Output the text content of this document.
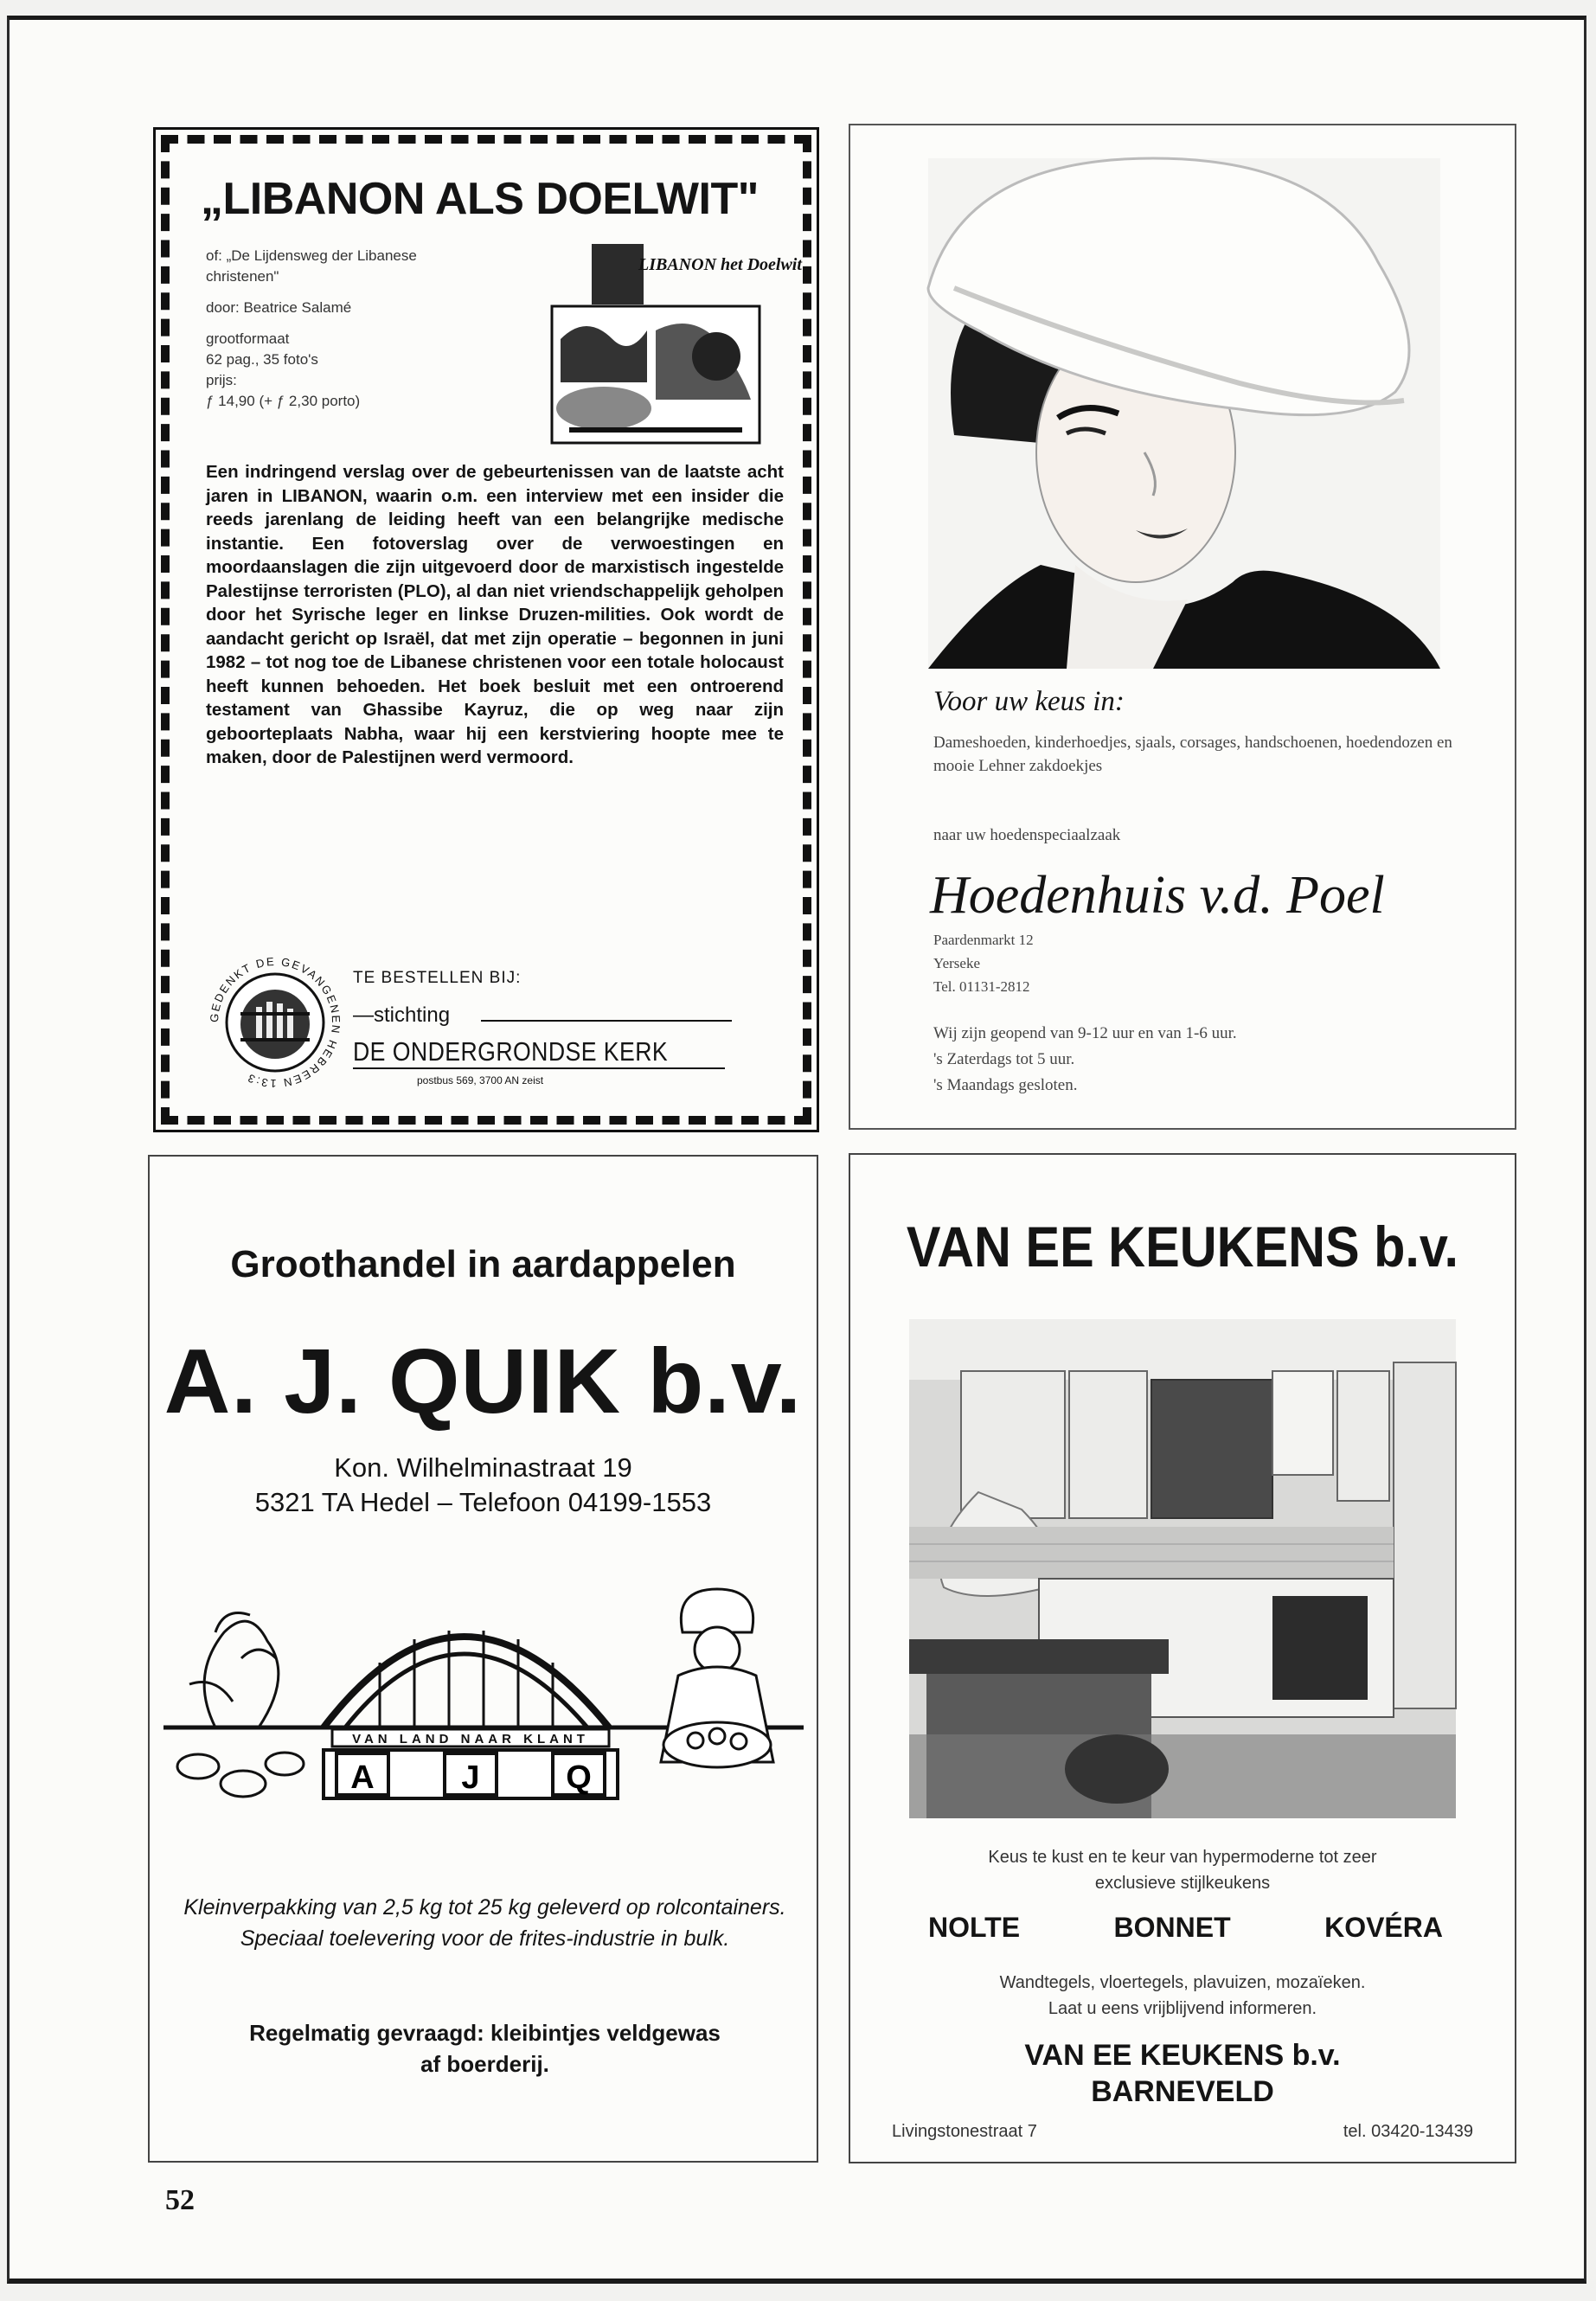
„LIBANON ALS DOELWIT"
of: „De Lijdensweg der Libanese christenen"
door: Beatrice Salamé
grootformaat
62 pag., 35 foto's
prijs:
ƒ 14,90 (+ ƒ 2,30 porto)
LIBANON het Doelwit
Een indringend verslag over de gebeurtenissen van de laatste acht jaren in LIBANON, waarin o.m. een interview met een insider die reeds jarenlang de leiding heeft van een belangrijke medische instantie. Een fotoverslag over de verwoestingen en moordaanslagen die zijn uitgevoerd door de marxistisch ingestelde Palestijnse terroristen (PLO), al dan niet vriendschappelijk geholpen door het Syrische leger en linkse Druzen-milities. Ook wordt de aandacht gericht op Israël, dat met zijn operatie – begonnen in juni 1982 – tot nog toe de Libanese christenen voor een totale holocaust heeft kunnen behoeden. Het boek besluit met een ontroerend testament van Ghassibe Kayruz, die op weg naar zijn geboorteplaats Nabha, waar hij een kerstviering hoopte mee te maken, door de Palestijnen werd vermoord.
GEDENKT DE GEVANGENEN HEBREEN 13:3
TE BESTELLEN BIJ:
—stichting
DE ONDERGRONDSE KERK
postbus 569, 3700 AN zeist
Voor uw keus in:
Dameshoeden, kinderhoedjes, sjaals, corsages, handschoenen, hoedendozen en mooie Lehner zakdoekjes
naar uw hoedenspeciaalzaak
Hoedenhuis v.d. Poel
Paardenmarkt 12
Yerseke
Tel. 01131-2812
Wij zijn geopend van 9-12 uur en van 1-6 uur.
's Zaterdags tot 5 uur.
's Maandags gesloten.
Groothandel in aardappelen
A. J. QUIK b.v.
Kon. Wilhelminastraat 19
5321 TA Hedel – Telefoon 04199-1553
VAN LAND NAAR KLANT
A	J	Q
Kleinverpakking van 2,5 kg tot 25 kg geleverd op rolcontainers.
Speciaal toelevering voor de frites-industrie in bulk.
Regelmatig gevraagd: kleibintjes veldgewas
af boerderij.
VAN EE KEUKENS b.v.
Keus te kust en te keur van hypermoderne tot zeer
exclusieve stijlkeukens
NOLTE	BONNET	KOVÉRA
Wandtegels, vloertegels, plavuizen, mozaïeken.
Laat u eens vrijblijvend informeren.
VAN EE KEUKENS b.v.
BARNEVELD
Livingstonestraat 7	tel. 03420-13439
52
